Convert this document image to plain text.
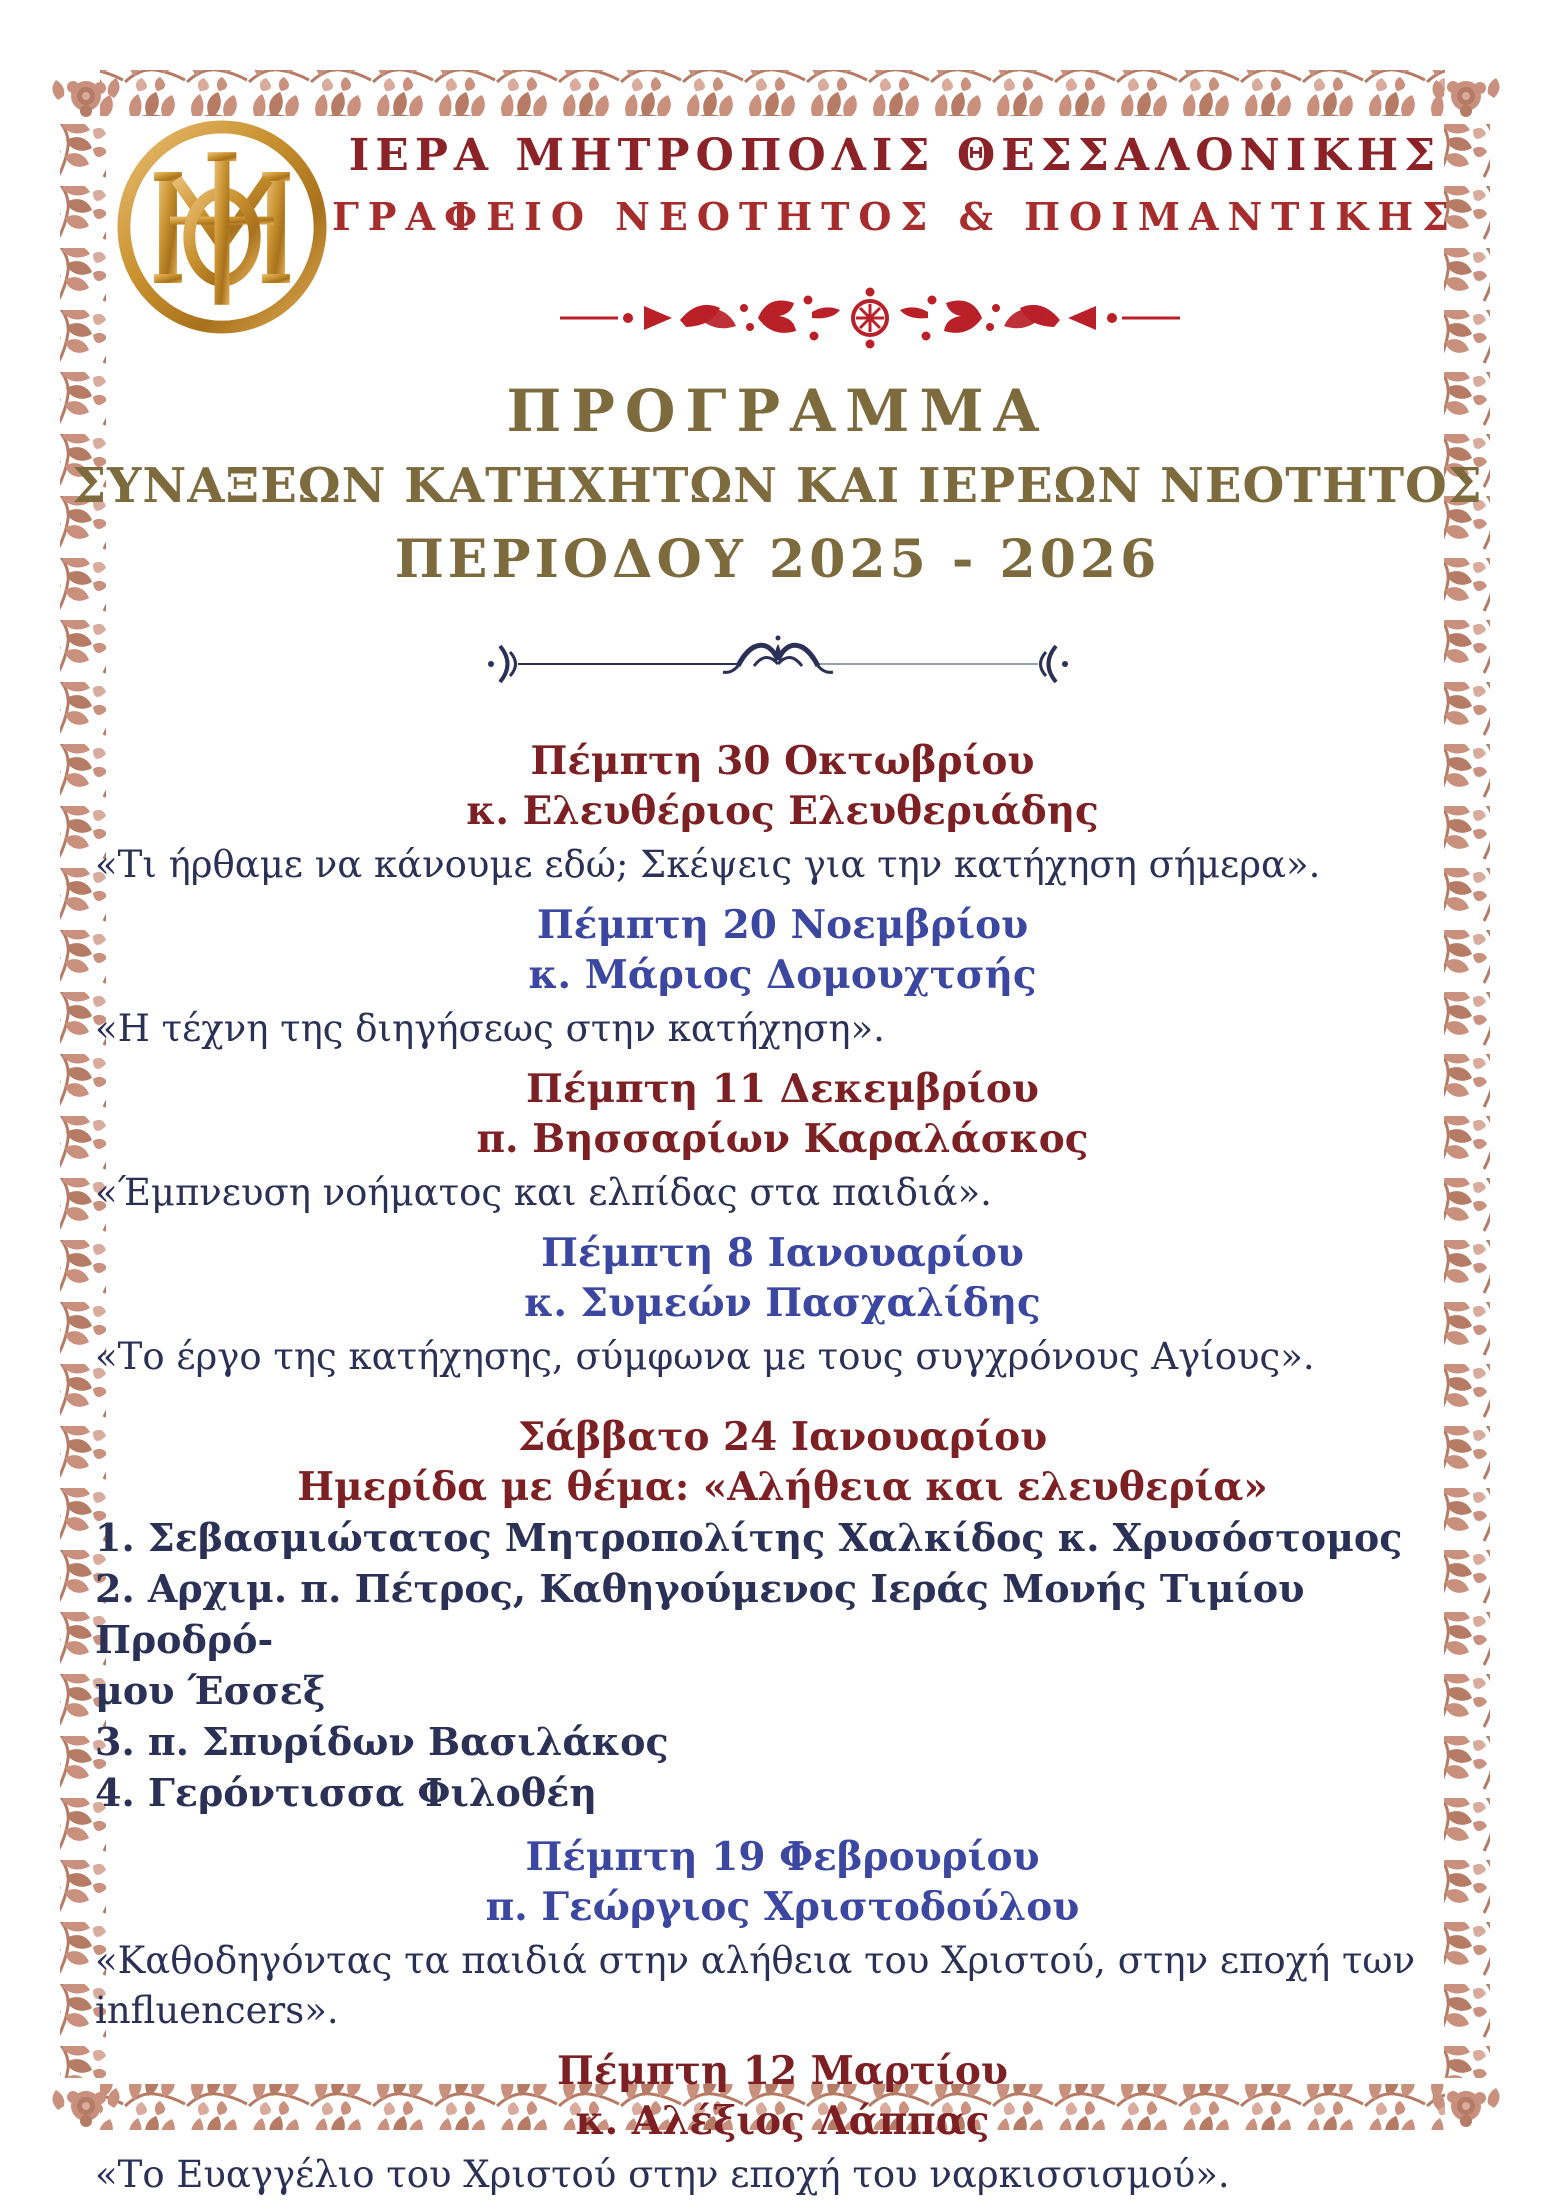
ΙΕΡΑ ΜΗΤΡΟΠΟΛΙΣ ΘΕΣΣΑΛΟΝΙΚΗΣ
ΓΡΑΦΕΙΟ ΝΕΟΤΗΤΟΣ & ΠΟΙΜΑΝΤΙΚΗΣ
ΠΡΟΓΡΑΜΜΑ
ΣΥΝΑΞΕΩΝ ΚΑΤΗΧΗΤΩΝ ΚΑΙ ΙΕΡΕΩΝ ΝΕΟΤΗΤΟΣ
ΠΕΡΙΟΔΟΥ 2025 - 2026
Πέμπτη 30 Οκτωβρίου
κ. Ελευθέριος Ελευθεριάδης
«Τι ήρθαμε να κάνουμε εδώ; Σκέψεις για την κατήχηση σήμερα».
Πέμπτη 20 Νοεμβρίου
κ. Μάριος Δομουχτσής
«Η τέχνη της διηγήσεως στην κατήχηση».
Πέμπτη 11 Δεκεμβρίου
π. Βησσαρίων Καραλάσκος
«Έμπνευση νοήματος και ελπίδας στα παιδιά».
Πέμπτη 8 Ιανουαρίου
κ. Συμεών Πασχαλίδης
«Το έργο της κατήχησης, σύμφωνα με τους συγχρόνους Αγίους».
Σάββατο 24 Ιανουαρίου
Ημερίδα με θέμα: «Αλήθεια και ελευθερία»
1. Σεβασμιώτατος Μητροπολίτης Χαλκίδος κ. Χρυσόστομος
2. Αρχιμ. π. Πέτρος, Καθηγούμενος Ιεράς Μονής Τιμίου Προδρό-
μου Έσσεξ
3. π. Σπυρίδων Βασιλάκος
4. Γερόντισσα Φιλοθέη
Πέμπτη 19 Φεβρουρίου
π. Γεώργιος Χριστοδούλου
«Καθοδηγόντας τα παιδιά στην αλήθεια του Χριστού, στην εποχή των influencers».
Πέμπτη 12 Μαρτίου
κ. Αλέξιος Λάππας
«Το Ευαγγέλιο του Χριστού στην εποχή του ναρκισσισμού».
